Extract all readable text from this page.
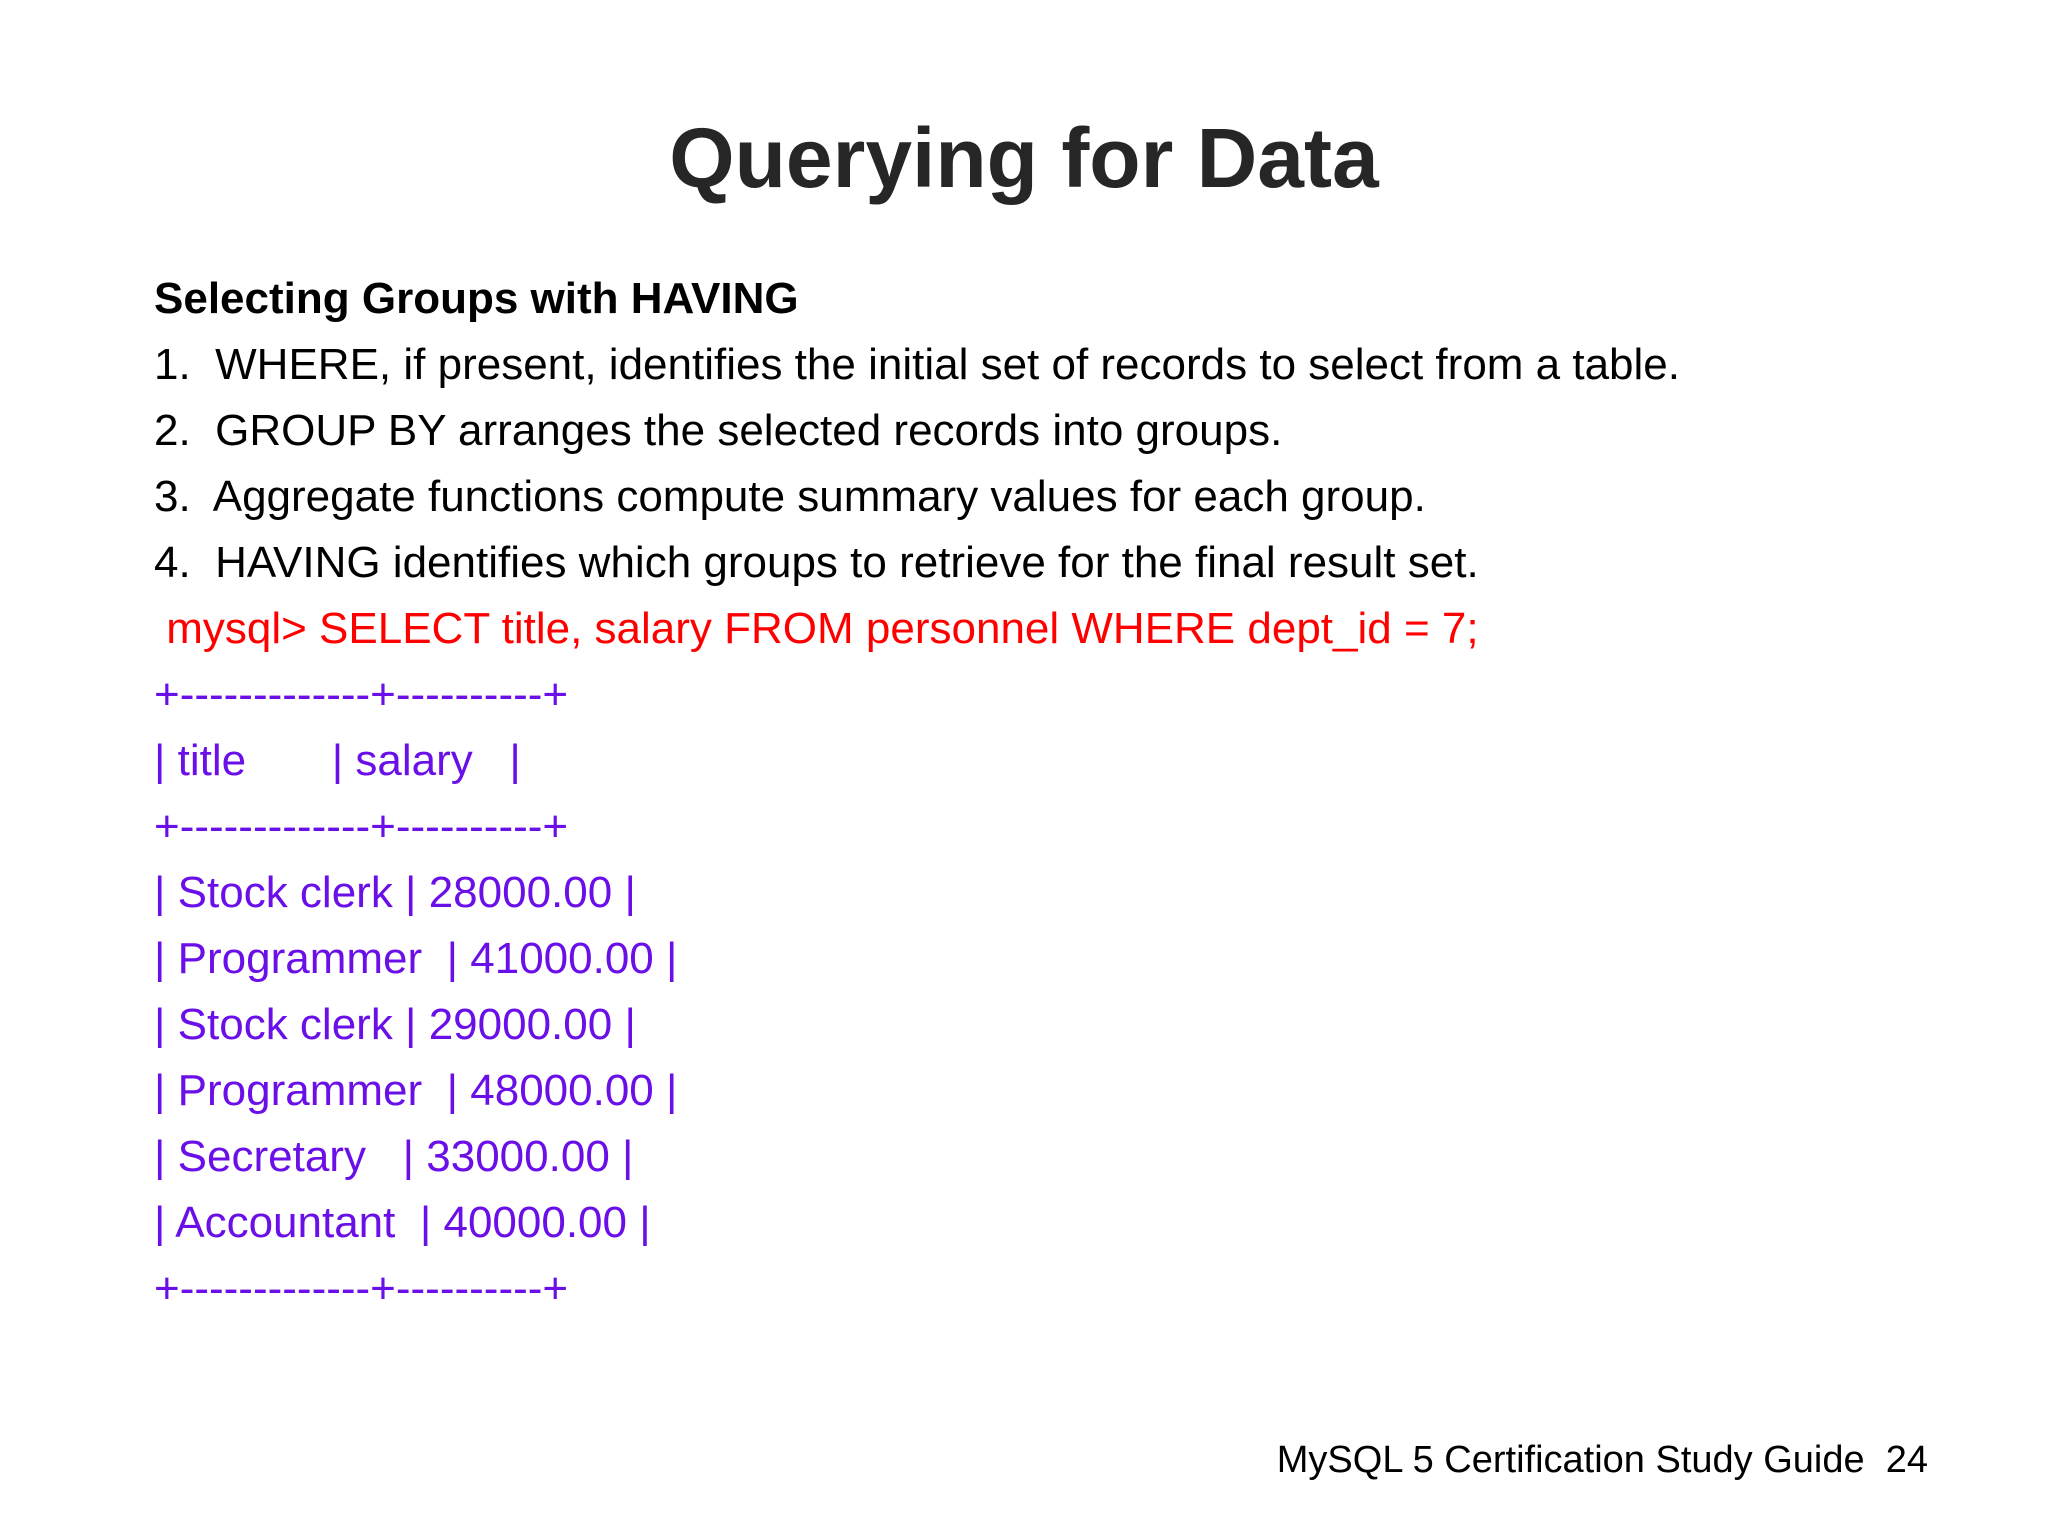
Querying for Data
Selecting Groups with HAVING
1.  WHERE, if present, identifies the initial set of records to select from a table.
2.  GROUP BY arranges the selected records into groups.
3.  Aggregate functions compute summary values for each group.
4.  HAVING identifies which groups to retrieve for the final result set.
mysql> SELECT title, salary FROM personnel WHERE dept_id = 7;
+-------------+----------+
| title       | salary   |
+-------------+----------+
| Stock clerk | 28000.00 |
| Programmer  | 41000.00 |
| Stock clerk | 29000.00 |
| Programmer  | 48000.00 |
| Secretary   | 33000.00 |
| Accountant  | 40000.00 |
+-------------+----------+
MySQL 5 Certification Study Guide  24
